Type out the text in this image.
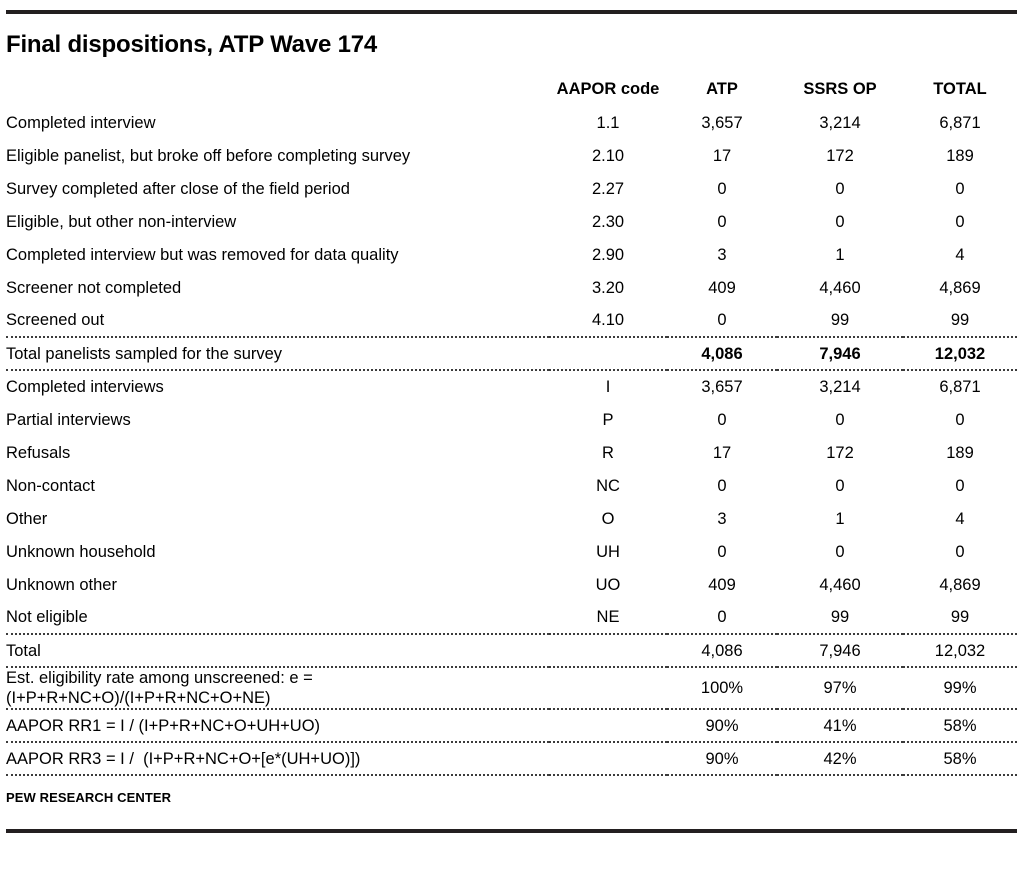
Final dispositions, ATP Wave 174
	AAPOR code	ATP	SSRS OP	TOTAL
Completed interview	1.1	3,657	3,214	6,871
Eligible panelist, but broke off before completing survey	2.10	17	172	189
Survey completed after close of the field period	2.27	0	0	0
Eligible, but other non-interview	2.30	0	0	0
Completed interview but was removed for data quality	2.90	3	1	4
Screener not completed	3.20	409	4,460	4,869
Screened out	4.10	0	99	99
Total panelists sampled for the survey		4,086	7,946	12,032
Completed interviews	I	3,657	3,214	6,871
Partial interviews	P	0	0	0
Refusals	R	17	172	189
Non-contact	NC	0	0	0
Other	O	3	1	4
Unknown household	UH	0	0	0
Unknown other	UO	409	4,460	4,869
Not eligible	NE	0	99	99
Total		4,086	7,946	12,032
Est. eligibility rate among unscreened: e =
(I+P+R+NC+O)/(I+P+R+NC+O+NE)		100%	97%	99%
AAPOR RR1 = I / (I+P+R+NC+O+UH+UO)		90%	41%	58%
AAPOR RR3 = I /  (I+P+R+NC+O+[e*(UH+UO)])		90%	42%	58%
PEW RESEARCH CENTER
